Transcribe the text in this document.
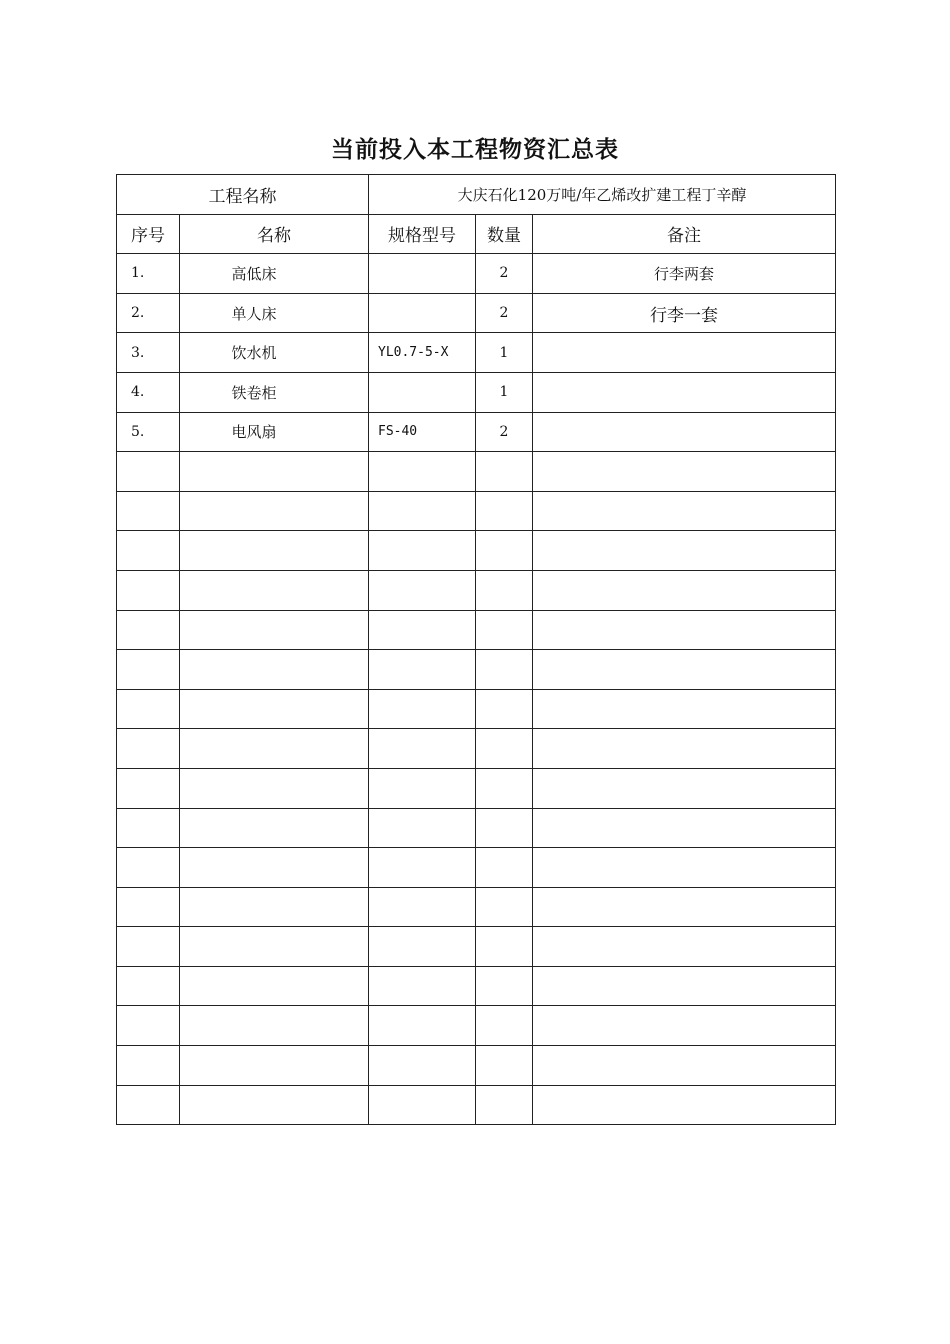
当前投入本工程物资汇总表
工程名称		大庆石化120万吨/年乙烯改扩建工程丁辛醇		
序号	名称	规格型号	数量	备注
1.	高低床		2	行李两套
2.	单人床		2	行李一套
3.	饮水机	YL0.7-5-X	1	
4.	铁卷柜		1	
5.	电风扇	FS-40	2	
